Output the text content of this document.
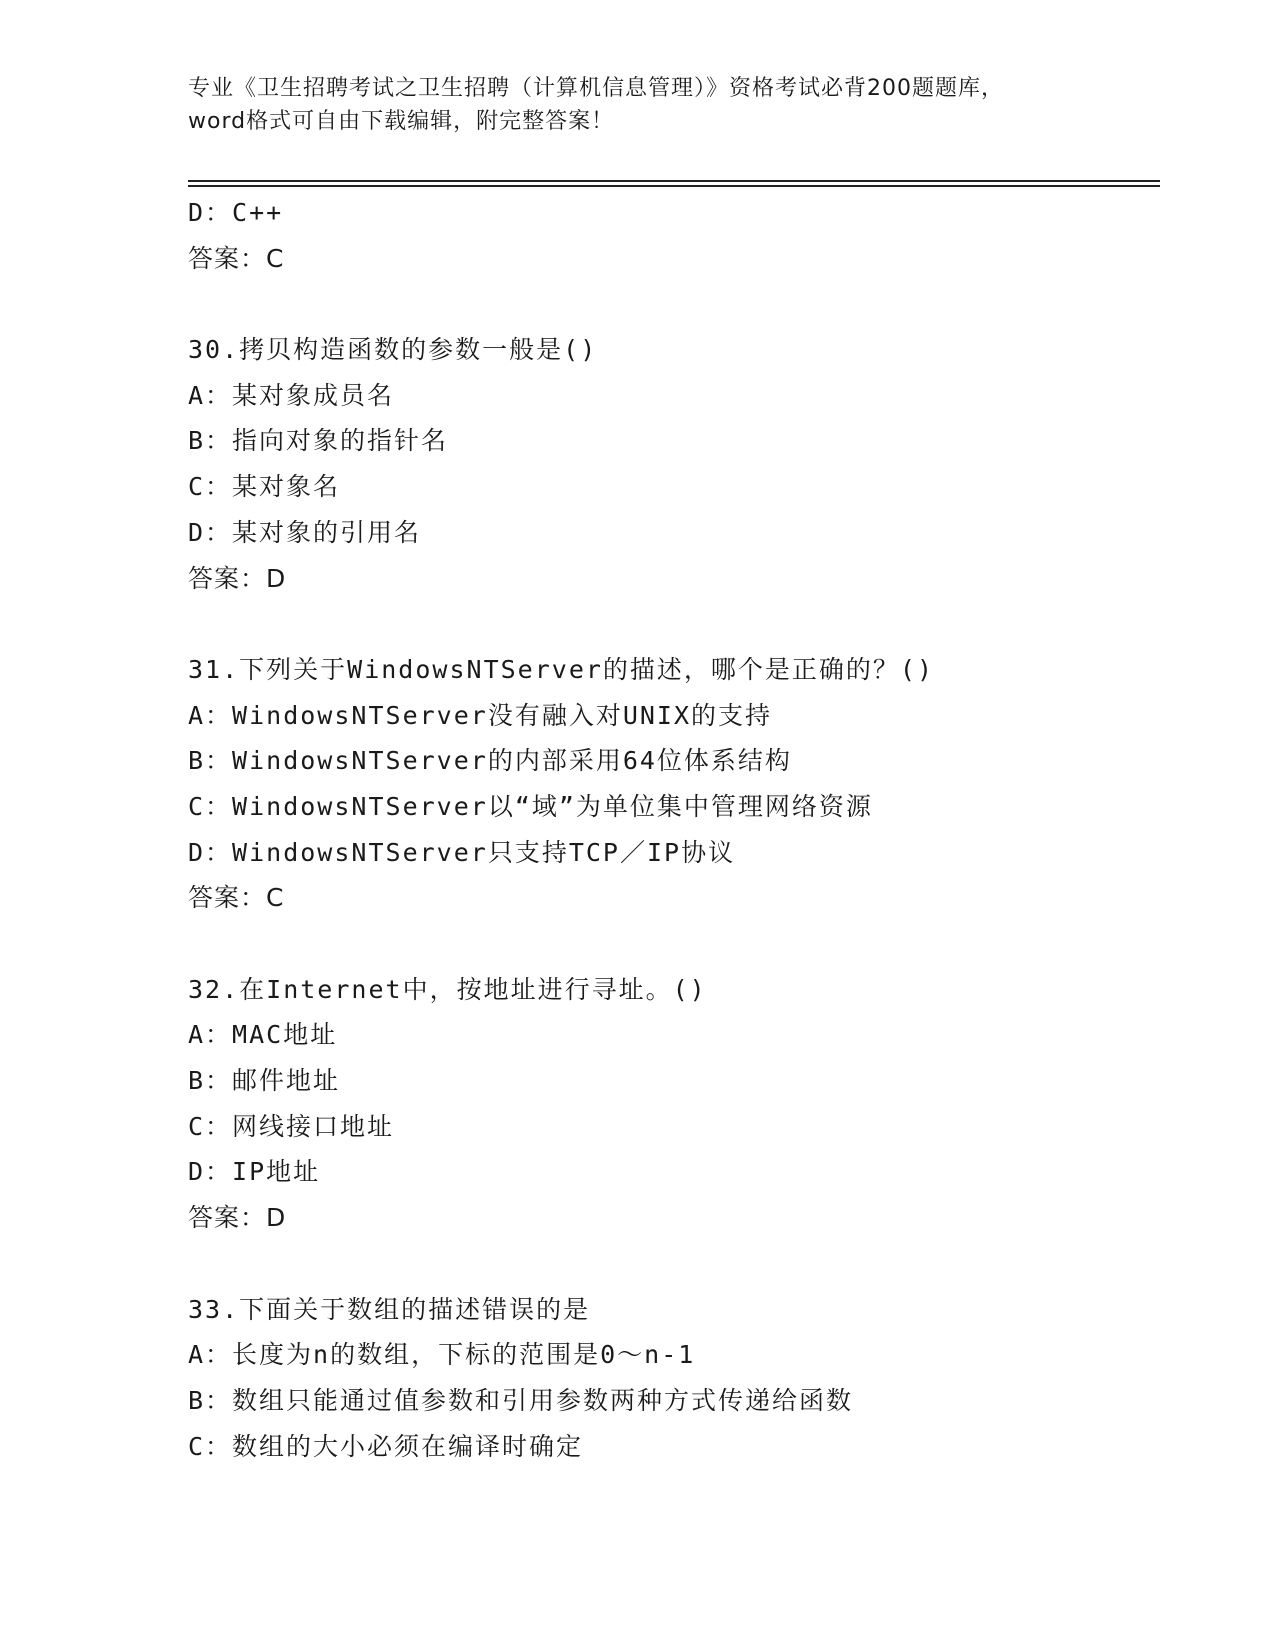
专业《卫生招聘考试之卫生招聘（计算机信息管理）》资格考试必背200题题库，
word格式可自由下载编辑，附完整答案！
D：C++
答案：C
30.拷贝构造函数的参数一般是()
A：某对象成员名
B：指向对象的指针名
C：某对象名
D：某对象的引用名
答案：D
31.下列关于WindowsNTServer的描述，哪个是正确的？()
A：WindowsNTServer没有融入对UNIX的支持
B：WindowsNTServer的内部采用64位体系结构
C：WindowsNTServer以“域”为单位集中管理网络资源
D：WindowsNTServer只支持TCP／IP协议
答案：C
32.在Internet中，按地址进行寻址。()
A：MAC地址
B：邮件地址
C：网线接口地址
D：IP地址
答案：D
33.下面关于数组的描述错误的是
A：长度为n的数组，下标的范围是0～n-1
B：数组只能通过值参数和引用参数两种方式传递给函数
C：数组的大小必须在编译时确定
